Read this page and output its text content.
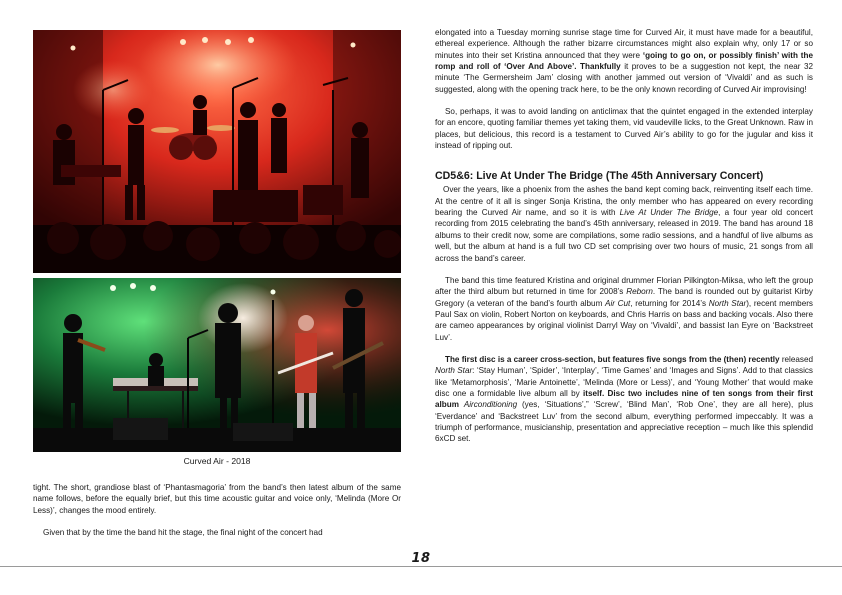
Curved Air - 2018

tight. The short, grandiose blast of ‘Phantasmagoria’ from the band’s then latest album of the same name follows, before the equally brief, but this time acoustic guitar and voice only, ‘Melinda (More Or Less)’, changes the mood entirely.

Given that by the time the band hit the stage, the final night of the concert had

elongated into a Tuesday morning sunrise stage time for Curved Air, it must have made for a beautiful, ethereal experience. Although the rather bizarre circumstances might also explain why, only 17 or so minutes into their set Kristina announced that they were ‘going to go on, or possibly finish’ with the romp and roll of ‘Over And Above’. Thankfully it proves to be a suggestion not kept, the near 32 minute ‘The Germersheim Jam’ closing with another jammed out version of ‘Vivaldi’ and as such is suggested, along with the opening track here, to be the only known recording of Curved Air improvising!

So, perhaps, it was to avoid landing on anticlimax that the quintet engaged in the extended interplay for an encore, quoting familiar themes yet taking them, vid vaudeville licks, to the Great Unknown. Raw in places, but delicious, this record is a testament to Curved Air’s ability to go for the jugular and kiss it instead of ripping out.

CD5&6: Live At Under The Bridge (The 45th Anniversary Concert)

Over the years, like a phoenix from the ashes the band kept coming back, reinventing itself each time. At the centre of it all is singer Sonja Kristina, the only member who has appeared on every recording bearing the Curved Air name, and so it is with Live At Under The Bridge, a four year old concert recording from 2015 celebrating the band’s 45th anniversary, released in 2019. The band has around 18 albums to their credit now, some are compilations, some radio sessions, and a handful of live albums as well, but the album at hand is a full two CD set comprising over two hours of music, 21 songs from all across the band’s career.

The band this time featured Kristina and original drummer Florian Pilkington-Miksa, who left the group after the third album but returned in time for 2008’s Reborn. The band is rounded out by guitarist Kirby Gregory (a veteran of the band’s fourth album Air Cut, returning for 2014’s North Star), recent members Paul Sax on violin, Robert Norton on keyboards, and Chris Harris on bass and backing vocals. Also there are cameo appearances by original violinist Darryl Way on ‘Vivaldi’, and bassist Ian Eyre on ‘Backstreet Luv’.

The first disc is a career cross-section, but features five songs from the (then) recently released North Star: ‘Stay Human’, ‘Spider’, ‘Interplay’, ‘Time Games’ and ‘Images and Signs’. Add to that classics like ‘Metamorphosis’, ‘Marie Antoinette’, ‘Melinda (More or Less)’, and ‘Young Mother’ that would make disc one a formidable live album all by itself. Disc two includes nine of ten songs from their first album Airconditioning (yes, ‘Situations’,” ‘Screw’, ‘Blind Man’, ‘Rob One’, they are all here), plus ‘Everdance’ and ‘Backstreet Luv’ from the second album, everything performed impeccably. It was a triumph of performance, musicianship, presentation and appreciative reception – much like this splendid 6xCD set.

18
